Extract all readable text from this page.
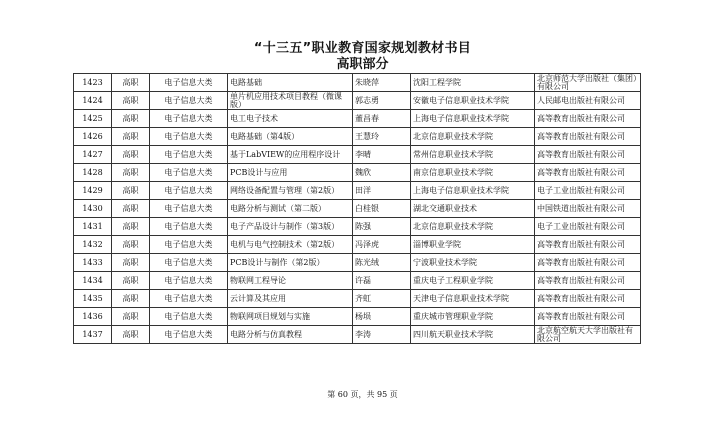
“十三五”职业教育国家规划教材书目
高职部分
1423	高职	电子信息大类	电路基础	朱晓萍	沈阳工程学院	北京师范大学出版社（集团）有限公司
1424	高职	电子信息大类	单片机应用技术项目教程（微课版）	郭志勇	安徽电子信息职业技术学院	人民邮电出版社有限公司
1425	高职	电子信息大类	电工电子技术	董昌春	上海电子信息职业技术学院	高等教育出版社有限公司
1426	高职	电子信息大类	电路基础（第4版）	王慧玲	北京信息职业技术学院	高等教育出版社有限公司
1427	高职	电子信息大类	基于LabVIEW的应用程序设计	李晴	常州信息职业技术学院	高等教育出版社有限公司
1428	高职	电子信息大类	PCB设计与应用	魏欣	南京信息职业技术学院	高等教育出版社有限公司
1429	高职	电子信息大类	网络设备配置与管理（第2版）	田洋	上海电子信息职业技术学院	电子工业出版社有限公司
1430	高职	电子信息大类	电路分析与测试（第二版）	白桂银	湖北交通职业技术	中国铁道出版社有限公司
1431	高职	电子信息大类	电子产品设计与制作（第3版）	陈强	北京信息职业技术学院	电子工业出版社有限公司
1432	高职	电子信息大类	电机与电气控制技术（第2版）	冯泽虎	淄博职业学院	高等教育出版社有限公司
1433	高职	电子信息大类	PCB设计与制作（第2版）	陈光绒	宁波职业技术学院	高等教育出版社有限公司
1434	高职	电子信息大类	物联网工程导论	许磊	重庆电子工程职业学院	高等教育出版社有限公司
1435	高职	电子信息大类	云计算及其应用	齐虹	天津电子信息职业技术学院	高等教育出版社有限公司
1436	高职	电子信息大类	物联网项目规划与实施	杨埙	重庆城市管理职业学院	高等教育出版社有限公司
1437	高职	电子信息大类	电路分析与仿真教程	李涛	四川航天职业技术学院	北京航空航天大学出版社有限公司
第 60 页，共 95 页
